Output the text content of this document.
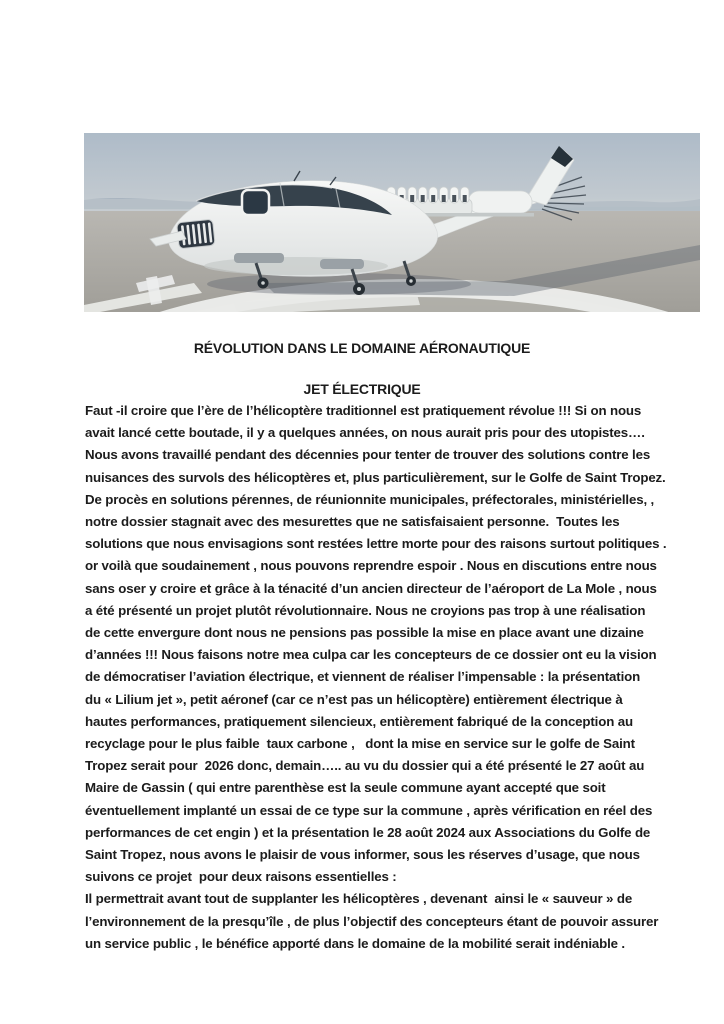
RÉVOLUTION DANS LE DOMAINE AÉRONAUTIQUE
JET ÉLECTRIQUE
Faut -il croire que l’ère de l’hélicoptère traditionnel est pratiquement révolue !!! Si on nous
avait lancé cette boutade, il y a quelques années, on nous aurait pris pour des utopistes….
Nous avons travaillé pendant des décennies pour tenter de trouver des solutions contre les
nuisances des survols des hélicoptères et, plus particulièrement, sur le Golfe de Saint Tropez.
De procès en solutions pérennes, de réunionnite municipales, préfectorales, ministérielles, ,
notre dossier stagnait avec des mesurettes que ne satisfaisaient personne.  Toutes les
solutions que nous envisagions sont restées lettre morte pour des raisons surtout politiques .
or voilà que soudainement , nous pouvons reprendre espoir . Nous en discutions entre nous
sans oser y croire et grâce à la ténacité d’un ancien directeur de l’aéroport de La Mole , nous
a été présenté un projet plutôt révolutionnaire. Nous ne croyions pas trop à une réalisation
de cette envergure dont nous ne pensions pas possible la mise en place avant une dizaine
d’années !!! Nous faisons notre mea culpa car les concepteurs de ce dossier ont eu la vision
de démocratiser l’aviation électrique, et viennent de réaliser l’impensable : la présentation
du « Lilium jet », petit aéronef (car ce n’est pas un hélicoptère) entièrement électrique à
hautes performances, pratiquement silencieux, entièrement fabriqué de la conception au
recyclage pour le plus faible  taux carbone ,   dont la mise en service sur le golfe de Saint
Tropez serait pour  2026 donc, demain….. au vu du dossier qui a été présenté le 27 août au
Maire de Gassin ( qui entre parenthèse est la seule commune ayant accepté que soit
éventuellement implanté un essai de ce type sur la commune , après vérification en réel des
performances de cet engin ) et la présentation le 28 août 2024 aux Associations du Golfe de
Saint Tropez, nous avons le plaisir de vous informer, sous les réserves d’usage, que nous
suivons ce projet  pour deux raisons essentielles :
Il permettrait avant tout de supplanter les hélicoptères , devenant  ainsi le « sauveur » de
l’environnement de la presqu’île , de plus l’objectif des concepteurs étant de pouvoir assurer
un service public , le bénéfice apporté dans le domaine de la mobilité serait indéniable .
